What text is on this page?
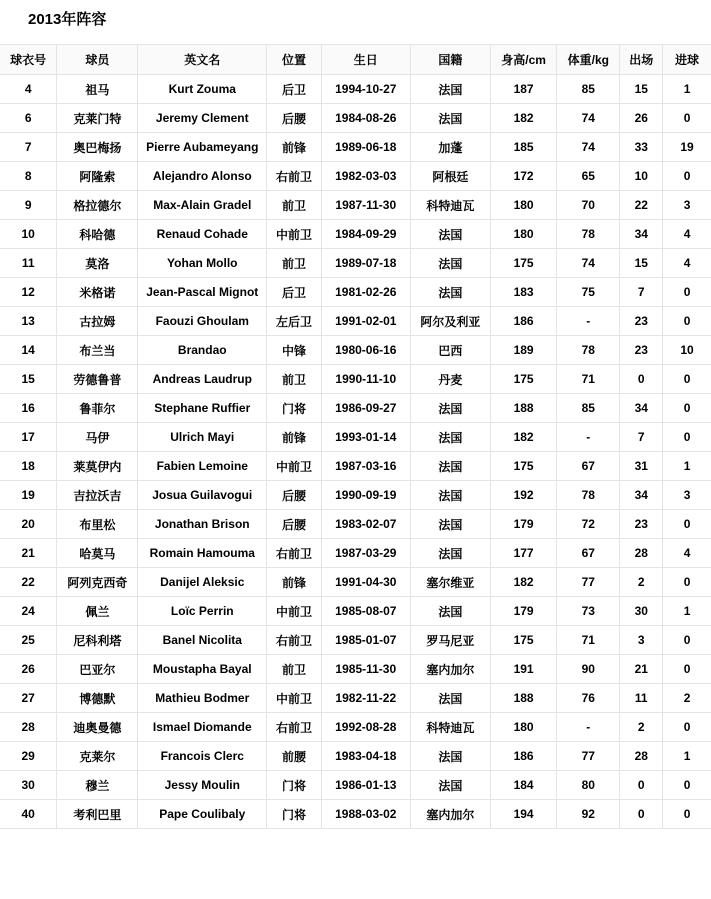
2013年阵容
球衣号	球员	英文名	位置	生日	国籍	身高/cm	体重/kg	出场	进球
4	祖马	Kurt Zouma	后卫	1994-10-27	法国	187	85	15	1
6	克莱门特	Jeremy Clement	后腰	1984-08-26	法国	182	74	26	0
7	奥巴梅扬	Pierre Aubameyang	前锋	1989-06-18	加蓬	185	74	33	19
8	阿隆索	Alejandro Alonso	右前卫	1982-03-03	阿根廷	172	65	10	0
9	格拉德尔	Max-Alain Gradel	前卫	1987-11-30	科特迪瓦	180	70	22	3
10	科哈德	Renaud Cohade	中前卫	1984-09-29	法国	180	78	34	4
11	莫洛	Yohan Mollo	前卫	1989-07-18	法国	175	74	15	4
12	米格诺	Jean-Pascal Mignot	后卫	1981-02-26	法国	183	75	7	0
13	古拉姆	Faouzi Ghoulam	左后卫	1991-02-01	阿尔及利亚	186	-	23	0
14	布兰当	Brandao	中锋	1980-06-16	巴西	189	78	23	10
15	劳德鲁普	Andreas Laudrup	前卫	1990-11-10	丹麦	175	71	0	0
16	鲁菲尔	Stephane Ruffier	门将	1986-09-27	法国	188	85	34	0
17	马伊	Ulrich Mayi	前锋	1993-01-14	法国	182	-	7	0
18	莱莫伊内	Fabien Lemoine	中前卫	1987-03-16	法国	175	67	31	1
19	吉拉沃吉	Josua Guilavogui	后腰	1990-09-19	法国	192	78	34	3
20	布里松	Jonathan Brison	后腰	1983-02-07	法国	179	72	23	0
21	哈莫马	Romain Hamouma	右前卫	1987-03-29	法国	177	67	28	4
22	阿列克西奇	Danijel Aleksic	前锋	1991-04-30	塞尔维亚	182	77	2	0
24	佩兰	Loïc Perrin	中前卫	1985-08-07	法国	179	73	30	1
25	尼科利塔	Banel Nicolita	右前卫	1985-01-07	罗马尼亚	175	71	3	0
26	巴亚尔	Moustapha Bayal	前卫	1985-11-30	塞内加尔	191	90	21	0
27	博德默	Mathieu Bodmer	中前卫	1982-11-22	法国	188	76	11	2
28	迪奥曼德	Ismael Diomande	右前卫	1992-08-28	科特迪瓦	180	-	2	0
29	克莱尔	Francois Clerc	前腰	1983-04-18	法国	186	77	28	1
30	穆兰	Jessy Moulin	门将	1986-01-13	法国	184	80	0	0
40	考利巴里	Pape Coulibaly	门将	1988-03-02	塞内加尔	194	92	0	0
